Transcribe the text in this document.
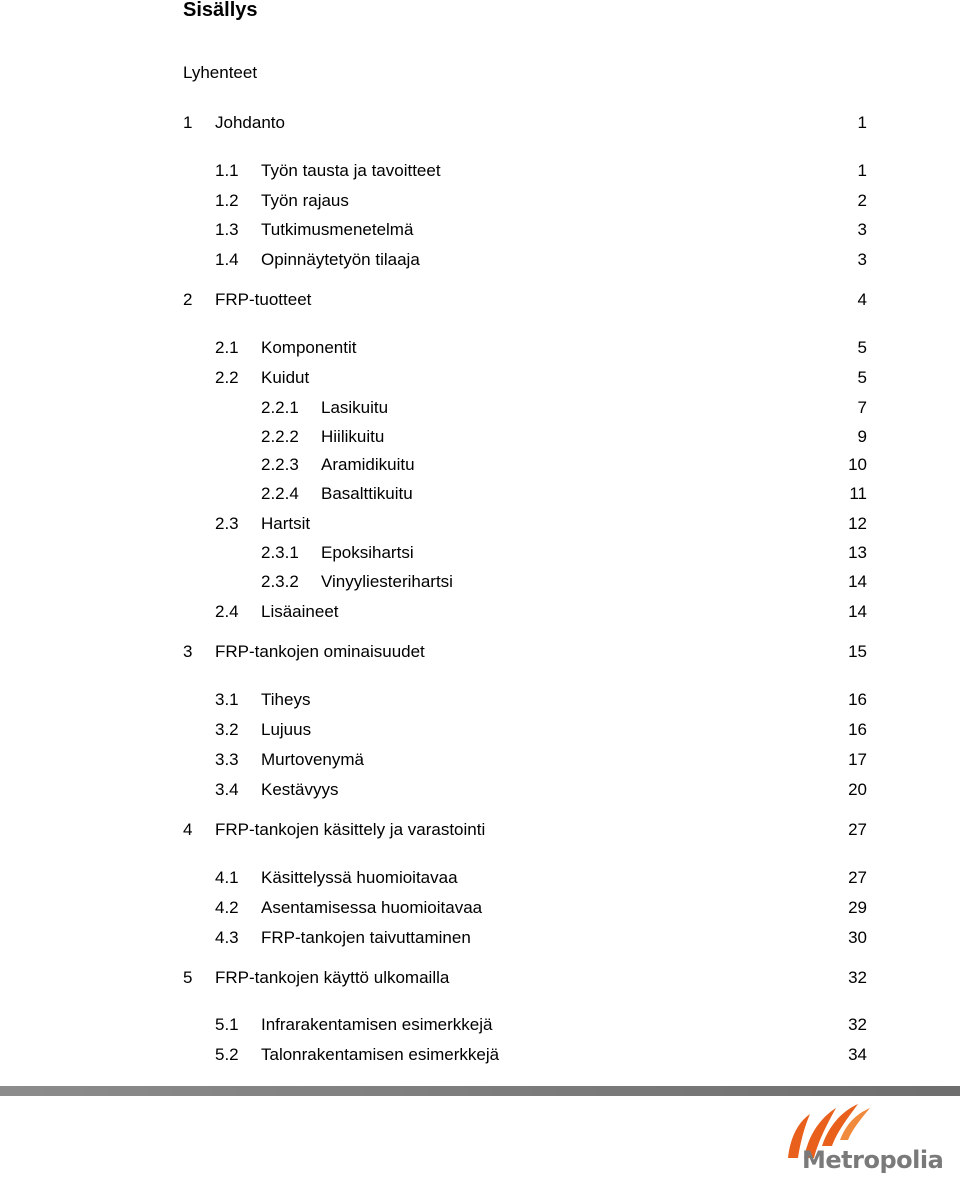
Sisällys
Lyhenteet
1 Johdanto	1
1.1 Työn tausta ja tavoitteet	1
1.2 Työn rajaus	2
1.3 Tutkimusmenetelmä	3
1.4 Opinnäytetyön tilaaja	3
2 FRP-tuotteet	4
2.1 Komponentit	5
2.2 Kuidut	5
2.2.1 Lasikuitu	7
2.2.2 Hiilikuitu	9
2.2.3 Aramidikuitu	10
2.2.4 Basalttikuitu	11
2.3 Hartsit	12
2.3.1 Epoksihartsi	13
2.3.2 Vinyyliesterihartsi	14
2.4 Lisäaineet	14
3 FRP-tankojen ominaisuudet	15
3.1 Tiheys	16
3.2 Lujuus	16
3.3 Murtovenymä	17
3.4 Kestävyys	20
4 FRP-tankojen käsittely ja varastointi	27
4.1 Käsittelyssä huomioitavaa	27
4.2 Asentamisessa huomioitavaa	29
4.3 FRP-tankojen taivuttaminen	30
5 FRP-tankojen käyttö ulkomailla	32
5.1 Infrarakentamisen esimerkkejä	32
5.2 Talonrakentamisen esimerkkejä	34
Metropolia
